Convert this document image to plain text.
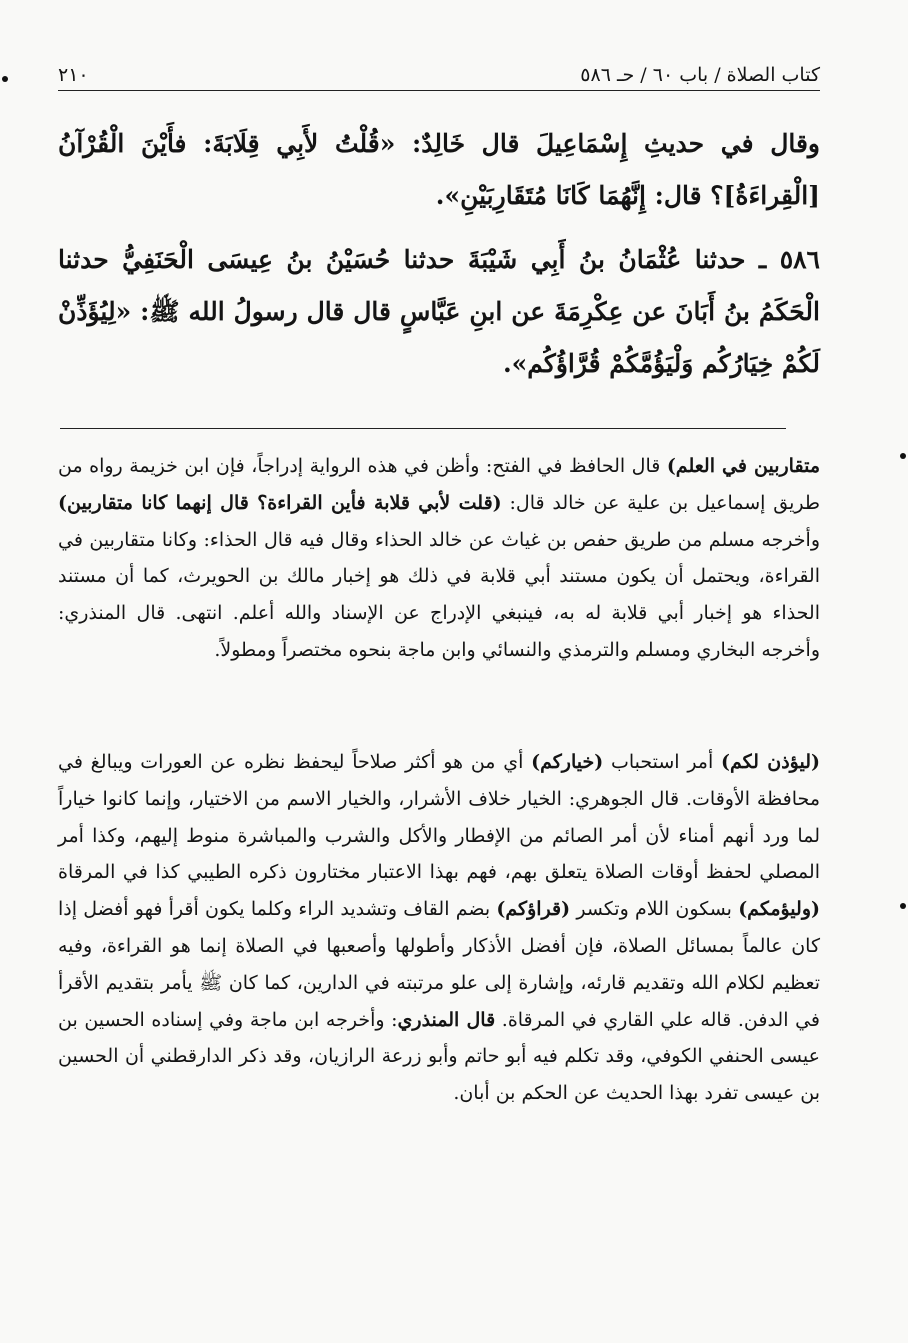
كتاب الصلاة / باب ٦٠ / حـ ٥٨٦
٢١٠
وقال في حديثِ إِسْمَاعِيلَ قال خَالِدٌ: «قُلْتُ لأَبِي قِلَابَةَ: فأَيْنَ الْقُرْآنُ [الْقِراءَةُ]؟ قال: إِنَّهُمَا كَانَا مُتَقَارِبَيْنِ».
٥٨٦ ـ حدثنا عُثْمَانُ بنُ أَبِي شَيْبَةَ حدثنا حُسَيْنُ بنُ عِيسَى الْحَنَفِيُّ حدثنا الْحَكَمُ بنُ أَبَانَ عن عِكْرِمَةَ عن ابنِ عَبَّاسٍ قال قال رسولُ الله ﷺ: «لِيُؤَذِّنْ لَكُمْ خِيَارُكُم وَلْيَؤُمَّكُمْ قُرَّاؤُكُم».
متقاربين في العلم) قال الحافظ في الفتح: وأظن في هذه الرواية إدراجاً، فإن ابن خزيمة رواه من طريق إسماعيل بن علية عن خالد قال: (قلت لأبي قلابة فأين القراءة؟ قال إنهما كانا متقاربين) وأخرجه مسلم من طريق حفص بن غياث عن خالد الحذاء وقال فيه قال الحذاء: وكانا متقاربين في القراءة، ويحتمل أن يكون مستند أبي قلابة في ذلك هو إخبار مالك بن الحويرث، كما أن مستند الحذاء هو إخبار أبي قلابة له به، فينبغي الإدراج عن الإسناد والله أعلم. انتهى. قال المنذري: وأخرجه البخاري ومسلم والترمذي والنسائي وابن ماجة بنحوه مختصراً ومطولاً.
(ليؤذن لكم) أمر استحباب (خياركم) أي من هو أكثر صلاحاً ليحفظ نظره عن العورات ويبالغ في محافظة الأوقات. قال الجوهري: الخيار خلاف الأشرار، والخيار الاسم من الاختيار، وإنما كانوا خياراً لما ورد أنهم أمناء لأن أمر الصائم من الإفطار والأكل والشرب والمباشرة منوط إليهم، وكذا أمر المصلي لحفظ أوقات الصلاة يتعلق بهم، فهم بهذا الاعتبار مختارون ذكره الطيبي كذا في المرقاة (وليؤمكم) بسكون اللام وتكسر (قراؤكم) بضم القاف وتشديد الراء وكلما يكون أقرأ فهو أفضل إذا كان عالماً بمسائل الصلاة، فإن أفضل الأذكار وأطولها وأصعبها في الصلاة إنما هو القراءة، وفيه تعظيم لكلام الله وتقديم قارئه، وإشارة إلى علو مرتبته في الدارين، كما كان ﷺ يأمر بتقديم الأقرأ في الدفن. قاله علي القاري في المرقاة. قال المنذري: وأخرجه ابن ماجة وفي إسناده الحسين بن عيسى الحنفي الكوفي، وقد تكلم فيه أبو حاتم وأبو زرعة الرازيان، وقد ذكر الدارقطني أن الحسين بن عيسى تفرد بهذا الحديث عن الحكم بن أبان.
